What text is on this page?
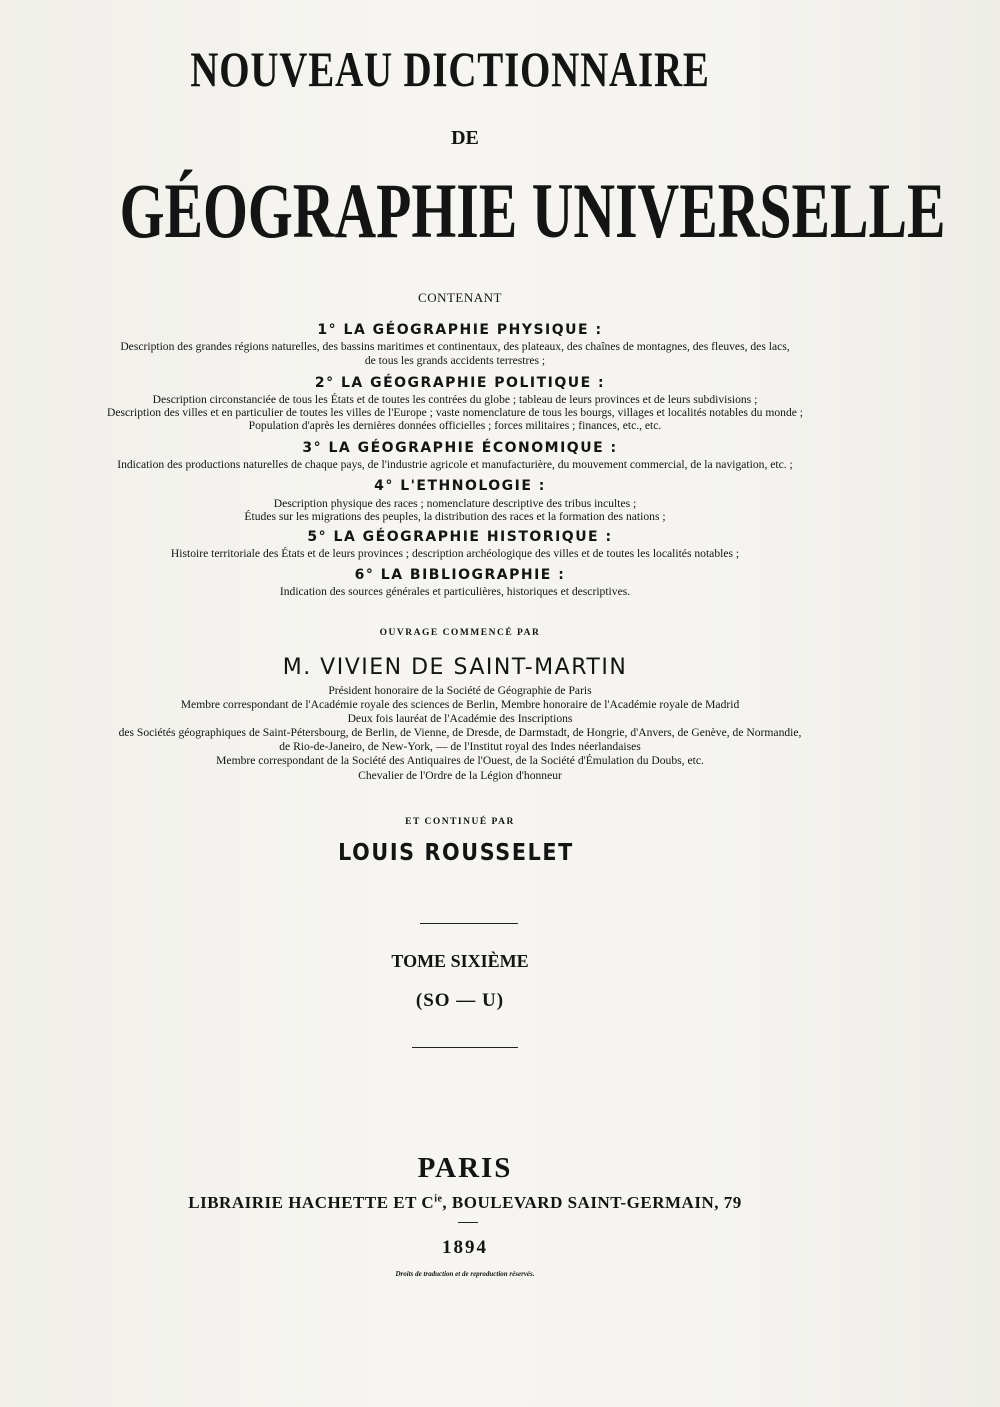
NOUVEAU DICTIONNAIRE
DE
GÉOGRAPHIE UNIVERSELLE
CONTENANT
1° LA GÉOGRAPHIE PHYSIQUE :
Description des grandes régions naturelles, des bassins maritimes et continentaux, des plateaux, des chaînes de montagnes, des fleuves, des lacs,
de tous les grands accidents terrestres ;
2° LA GÉOGRAPHIE POLITIQUE :
Description circonstanciée de tous les États et de toutes les contrées du globe ; tableau de leurs provinces et de leurs subdivisions ;
Description des villes et en particulier de toutes les villes de l'Europe ; vaste nomenclature de tous les bourgs, villages et localités notables du monde ;
Population d'après les dernières données officielles ; forces militaires ; finances, etc., etc.
3° LA GÉOGRAPHIE ÉCONOMIQUE :
Indication des productions naturelles de chaque pays, de l'industrie agricole et manufacturière, du mouvement commercial, de la navigation, etc. ;
4° L'ETHNOLOGIE :
Description physique des races ; nomenclature descriptive des tribus incultes ;
Études sur les migrations des peuples, la distribution des races et la formation des nations ;
5° LA GÉOGRAPHIE HISTORIQUE :
Histoire territoriale des États et de leurs provinces ; description archéologique des villes et de toutes les localités notables ;
6° LA BIBLIOGRAPHIE :
Indication des sources générales et particulières, historiques et descriptives.
OUVRAGE COMMENCÉ PAR
M. VIVIEN DE SAINT-MARTIN
Président honoraire de la Société de Géographie de Paris
Membre correspondant de l'Académie royale des sciences de Berlin, Membre honoraire de l'Académie royale de Madrid
Deux fois lauréat de l'Académie des Inscriptions
des Sociétés géographiques de Saint-Pétersbourg, de Berlin, de Vienne, de Dresde, de Darmstadt, de Hongrie, d'Anvers, de Genève, de Normandie,
de Rio-de-Janeiro, de New-York, — de l'Institut royal des Indes néerlandaises
Membre correspondant de la Société des Antiquaires de l'Ouest, de la Société d'Émulation du Doubs, etc.
Chevalier de l'Ordre de la Légion d'honneur
ET CONTINUÉ PAR
LOUIS ROUSSELET
TOME SIXIÈME
(SO — U)
PARIS
LIBRAIRIE HACHETTE ET $C^{ie}$, BOULEVARD SAINT-GERMAIN, 79
1894
Droits de traduction et de reproduction réservés.
